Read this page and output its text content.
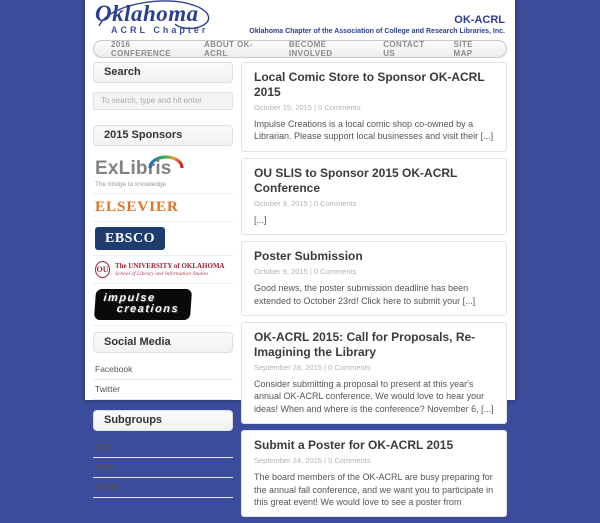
Oklahoma
ACRL Chapter
OK-ACRL
Oklahoma Chapter of the Association of College and Research Libraries, Inc.
2016 CONFERENCE
ABOUT OK-ACRL
BECOME INVOLVED
CONTACT US
SITE MAP
Search
To search, type and hit enter
2015 Sponsors
ExLibris
The bridge to knowledge
ELSEVIER
EBSCO
OU The UNIVERSITY of OKLAHOMA
School of Library and Information Studies
impulse
creations
Social Media
Facebook
Twitter
Subgroups
COIL
DSIG
PASIG
Local Comic Store to Sponsor OK-ACRL 2015
October 15, 2015 | 0 Comments
Impulse Creations is a local comic shop co-owned by a Librarian. Please support local businesses and visit their [...]
OU SLIS to Sponsor 2015 OK-ACRL Conference
October 9, 2015 | 0 Comments
[...]
Poster Submission
October 9, 2015 | 0 Comments
Good news, the poster submission deadline has been extended to October 23rd! Click here to submit your [...]
OK-ACRL 2015: Call for Proposals, Re-Imagining the Library
September 28, 2015 | 0 Comments
Consider submitting a proposal to present at this year's annual OK-ACRL conference. We would love to hear your ideas! When and where is the conference? November 6, [...]
Submit a Poster for OK-ACRL 2015
September 24, 2015 | 0 Comments
The board members of the OK-ACRL are busy preparing for the annual fall conference, and we want you to participate in this great event! We would love to see a poster from
